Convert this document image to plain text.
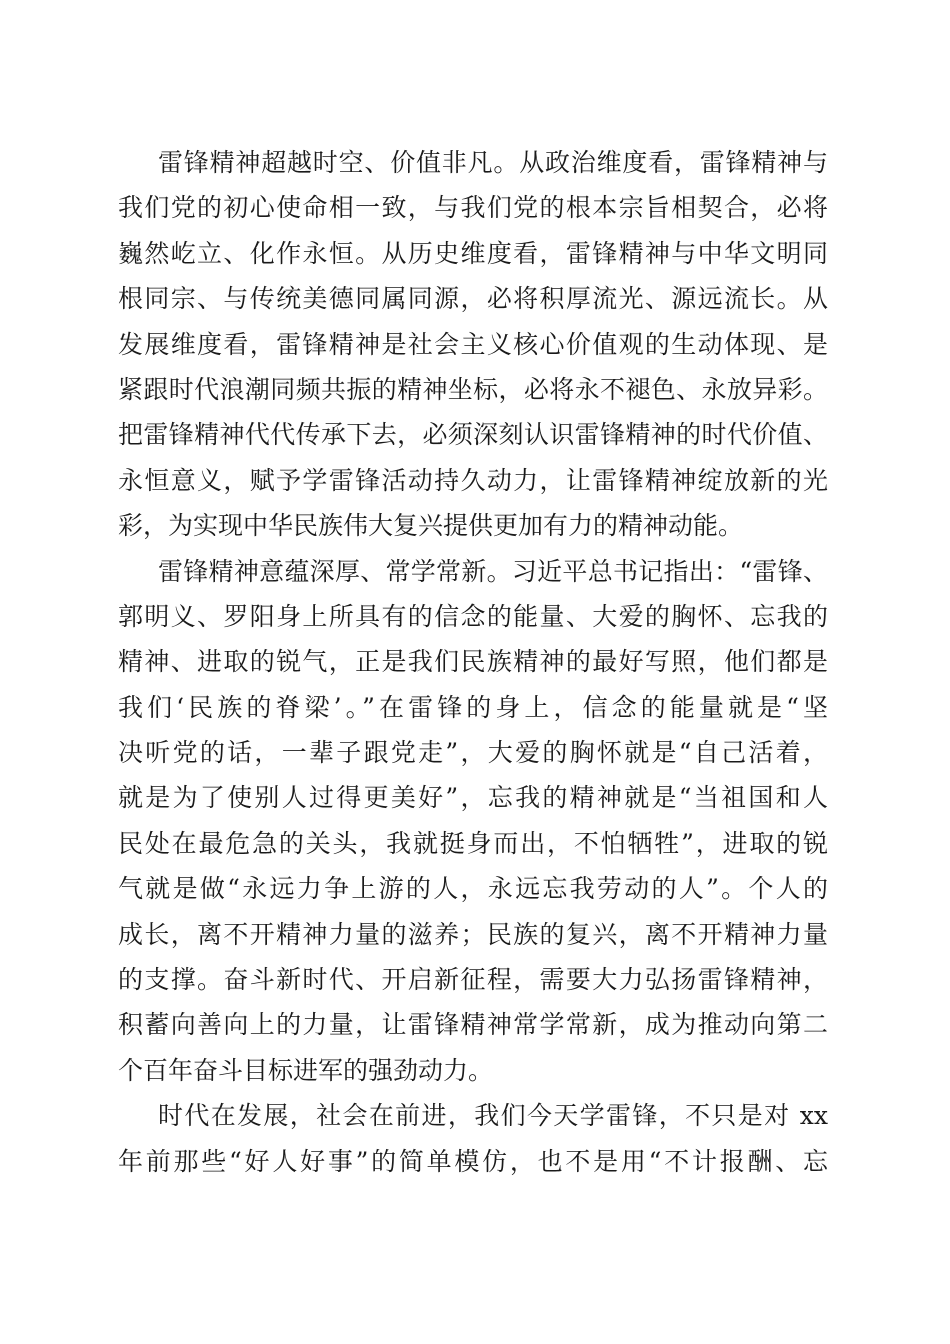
雷锋精神超越时空、价值非凡。从政治维度看，雷锋精神与
我们党的初心使命相一致，与我们党的根本宗旨相契合，必将
巍然屹立、化作永恒。从历史维度看，雷锋精神与中华文明同
根同宗、与传统美德同属同源，必将积厚流光、源远流长。从
发展维度看，雷锋精神是社会主义核心价值观的生动体现、是
紧跟时代浪潮同频共振的精神坐标，必将永不褪色、永放异彩。
把雷锋精神代代传承下去，必须深刻认识雷锋精神的时代价值、
永恒意义，赋予学雷锋活动持久动力，让雷锋精神绽放新的光
彩，为实现中华民族伟大复兴提供更加有力的精神动能。
雷锋精神意蕴深厚、常学常新。习近平总书记指出：“雷锋、
郭明义、罗阳身上所具有的信念的能量、大爱的胸怀、忘我的
精神、进取的锐气，正是我们民族精神的最好写照，他们都是
我们‘民族的脊梁’。”在雷锋的身上，信念的能量就是“坚
决听党的话，一辈子跟党走”，大爱的胸怀就是“自己活着，
就是为了使别人过得更美好”，忘我的精神就是“当祖国和人
民处在最危急的关头，我就挺身而出，不怕牺牲”，进取的锐
气就是做“永远力争上游的人，永远忘我劳动的人”。个人的
成长，离不开精神力量的滋养；民族的复兴，离不开精神力量
的支撑。奋斗新时代、开启新征程，需要大力弘扬雷锋精神，
积蓄向善向上的力量，让雷锋精神常学常新，成为推动向第二
个百年奋斗目标进军的强劲动力。
时代在发展，社会在前进，我们今天学雷锋，不只是对 xx
年前那些“好人好事”的简单模仿，也不是用“不计报酬、忘
